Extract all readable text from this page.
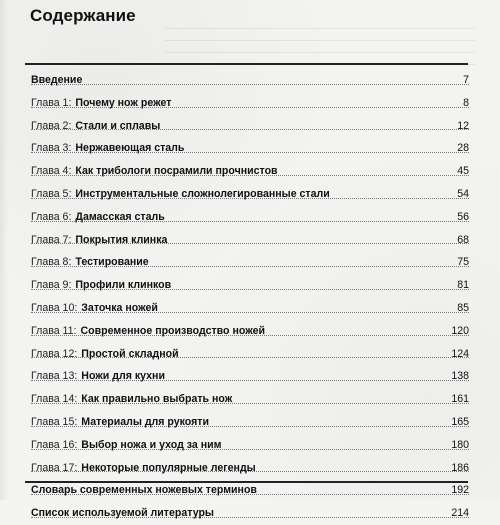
Содержание
Введение	7
Глава 1: Почему нож режет	8
Глава 2: Стали и сплавы	12
Глава 3: Нержавеющая сталь	28
Глава 4: Как трибологи посрамили прочнистов	45
Глава 5: Инструментальные сложнолегированные стали	54
Глава 6: Дамасская сталь	56
Глава 7: Покрытия клинка	68
Глава 8: Тестирование	75
Глава 9: Профили клинков	81
Глава 10: Заточка ножей	85
Глава 11: Современное производство ножей	120
Глава 12: Простой складной	124
Глава 13: Ножи для кухни	138
Глава 14: Как правильно выбрать нож	161
Глава 15: Материалы для рукояти	165
Глава 16: Выбор ножа и уход за ним	180
Глава 17: Некоторые популярные легенды	186
Словарь современных ножевых терминов	192
Список используемой литературы	214
